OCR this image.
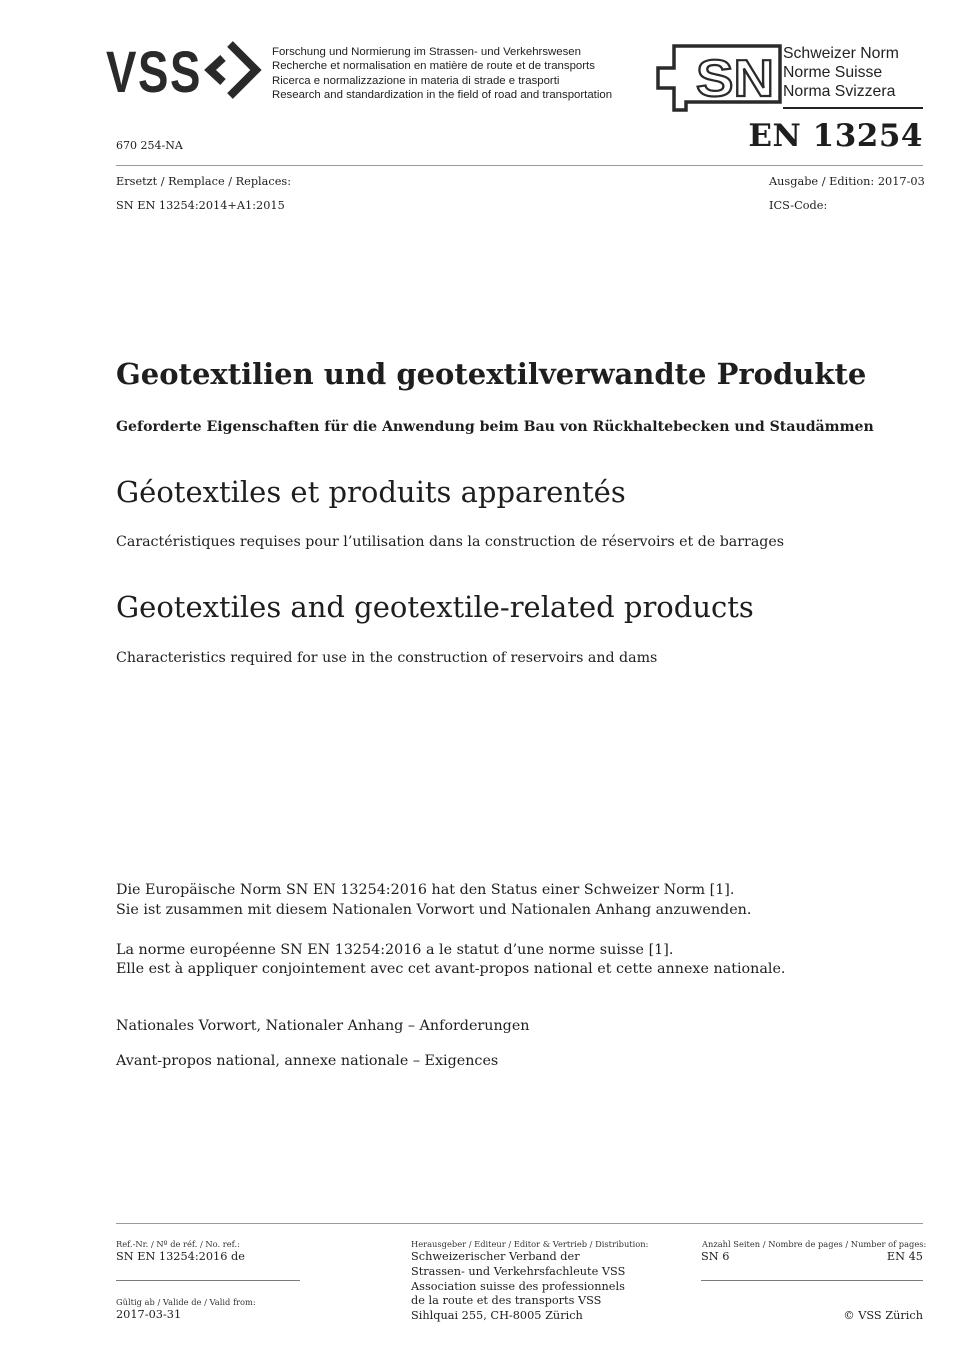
VSS	Forschung und Normierung im Strassen- und Verkehrswesen
Recherche et normalisation en matière de route et de transports
Ricerca e normalizzazione in materia di strade e trasporti
Research and standardization in the field of road and transportation SN Schweizer Norm
Norme Suisse
Norma Svizzera
670 254-NA	EN 13254
Ersetzt / Remplace / Replaces:
SN EN 13254:2014+A1:2015
Ausgabe / Edition: 2017-03
ICS-Code:
Geotextilien und geotextilverwandte Produkte
Geforderte Eigenschaften für die Anwendung beim Bau von Rückhaltebecken und Staudämmen
Géotextiles et produits apparentés
Caractéristiques requises pour l’utilisation dans la construction de réservoirs et de barrages
Geotextiles and geotextile-related products
Characteristics required for use in the construction of reservoirs and dams
Die Europäische Norm SN EN 13254:2016 hat den Status einer Schweizer Norm [1].
Sie ist zusammen mit diesem Nationalen Vorwort und Nationalen Anhang anzuwenden.
La norme européenne SN EN 13254:2016 a le statut d’une norme suisse [1].
Elle est à appliquer conjointement avec cet avant-propos national et cette annexe nationale.
Nationales Vorwort, Nationaler Anhang – Anforderungen
Avant-propos national, annexe nationale – Exigences
Ref.-Nr. / Nº de réf. / No. ref.:
SN EN 13254:2016 de
Gültig ab / Valide de / Valid from:
2017-03-31
Herausgeber / Editeur / Editor & Vertrieb / Distribution:
Schweizerischer Verband der
Strassen- und Verkehrsfachleute VSS
Association suisse des professionnels
de la route et des transports VSS
Sihlquai 255, CH-8005 Zürich
Anzahl Seiten / Nombre de pages / Number of pages:
SN 6	EN 45
© VSS Zürich
